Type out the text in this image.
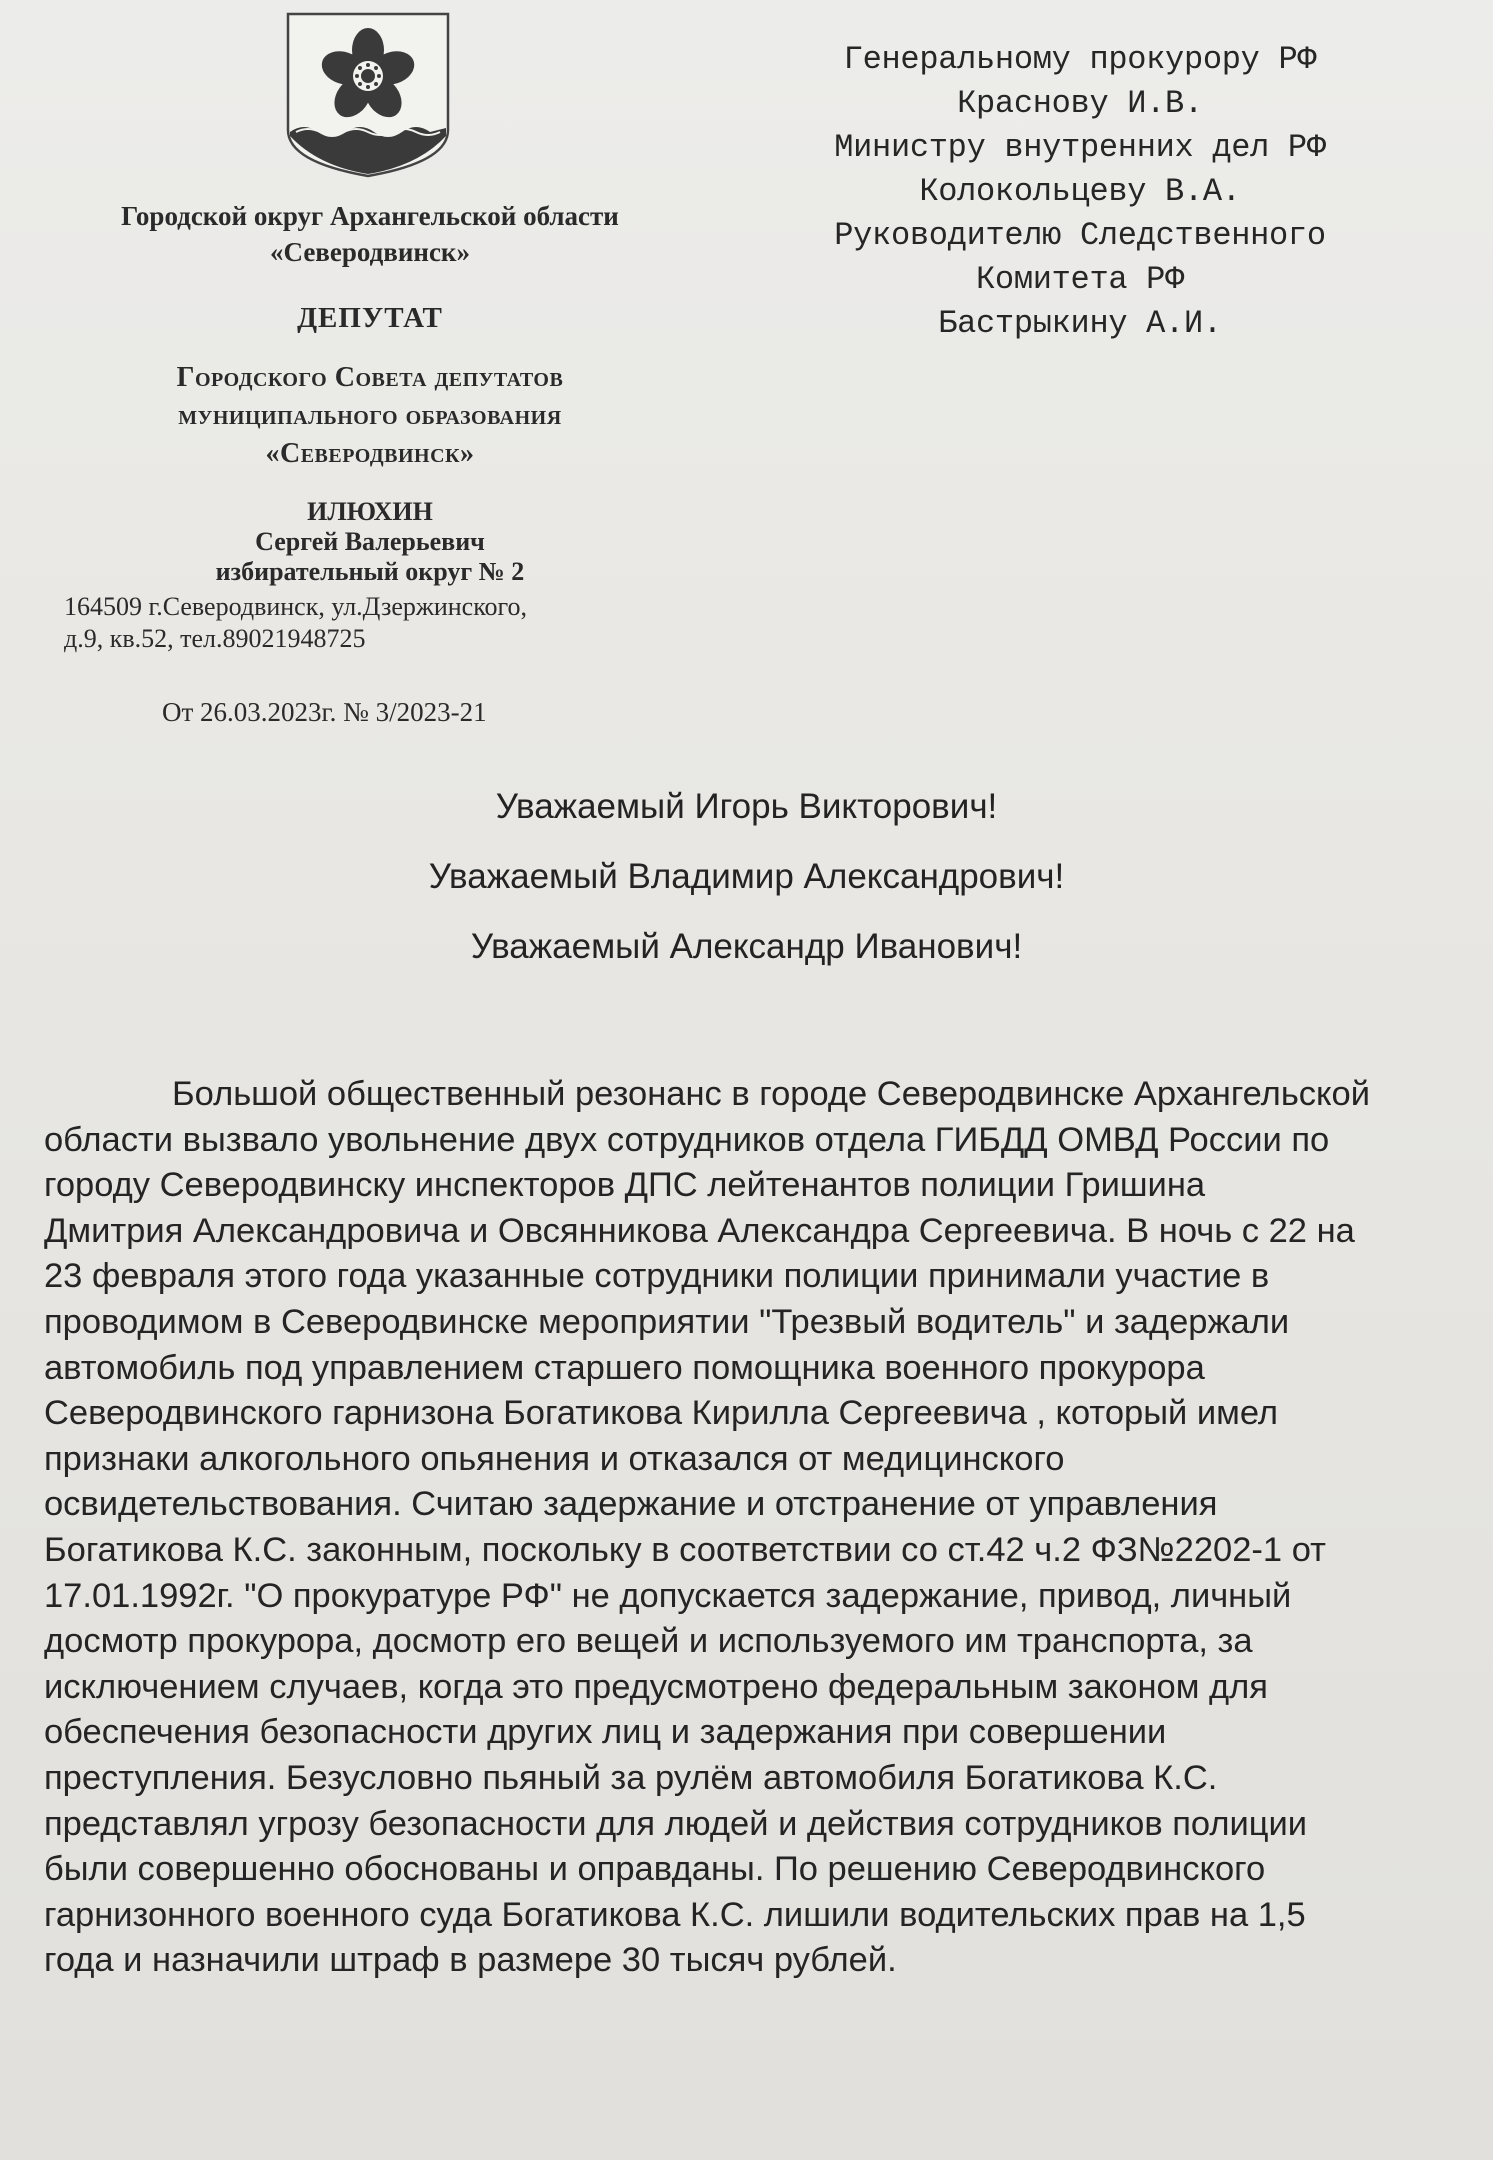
Городской округ Архангельской области
«Северодвинск»
ДЕПУТАТ
Городского Совета депутатов
муниципального образования
«Северодвинск»
ИЛЮХИН
Сергей Валерьевич
избирательный округ № 2
164509 г.Северодвинск, ул.Дзержинского,
д.9, кв.52, тел.89021948725
От 26.03.2023г. № 3/2023-21
Генеральному прокурору РФ
Краснову И.В.
Министру внутренних дел РФ
Колокольцеву В.А.
Руководителю Следственного
Комитета РФ
Бастрыкину А.И.
Уважаемый Игорь Викторович!
Уважаемый Владимир Александрович!
Уважаемый Александр Иванович!
Большой общественный резонанс в городе Северодвинске Архангельской
области вызвало увольнение двух сотрудников отдела ГИБДД ОМВД России по
городу Северодвинску инспекторов ДПС лейтенантов полиции Гришина
Дмитрия Александровича и Овсянникова Александра Сергеевича. В ночь с 22 на
23 февраля этого года указанные сотрудники полиции принимали участие в
проводимом в Северодвинске мероприятии "Трезвый водитель" и задержали
автомобиль под управлением старшего помощника военного прокурора
Северодвинского гарнизона Богатикова Кирилла Сергеевича , который имел
признаки алкогольного опьянения и отказался от медицинского
освидетельствования. Считаю задержание и отстранение от управления
Богатикова К.С. законным, поскольку в соответствии со ст.42 ч.2 ФЗ№2202-1 от
17.01.1992г. "О прокуратуре РФ" не допускается задержание, привод, личный
досмотр прокурора, досмотр его вещей и используемого им транспорта, за
исключением случаев, когда это предусмотрено федеральным законом для
обеспечения безопасности других лиц и задержания при совершении
преступления. Безусловно пьяный за рулём автомобиля Богатикова К.С.
представлял угрозу безопасности для людей и действия сотрудников полиции
были совершенно обоснованы и оправданы. По решению Северодвинского
гарнизонного военного суда Богатикова К.С. лишили водительских прав на 1,5
года и назначили штраф в размере 30 тысяч рублей.
